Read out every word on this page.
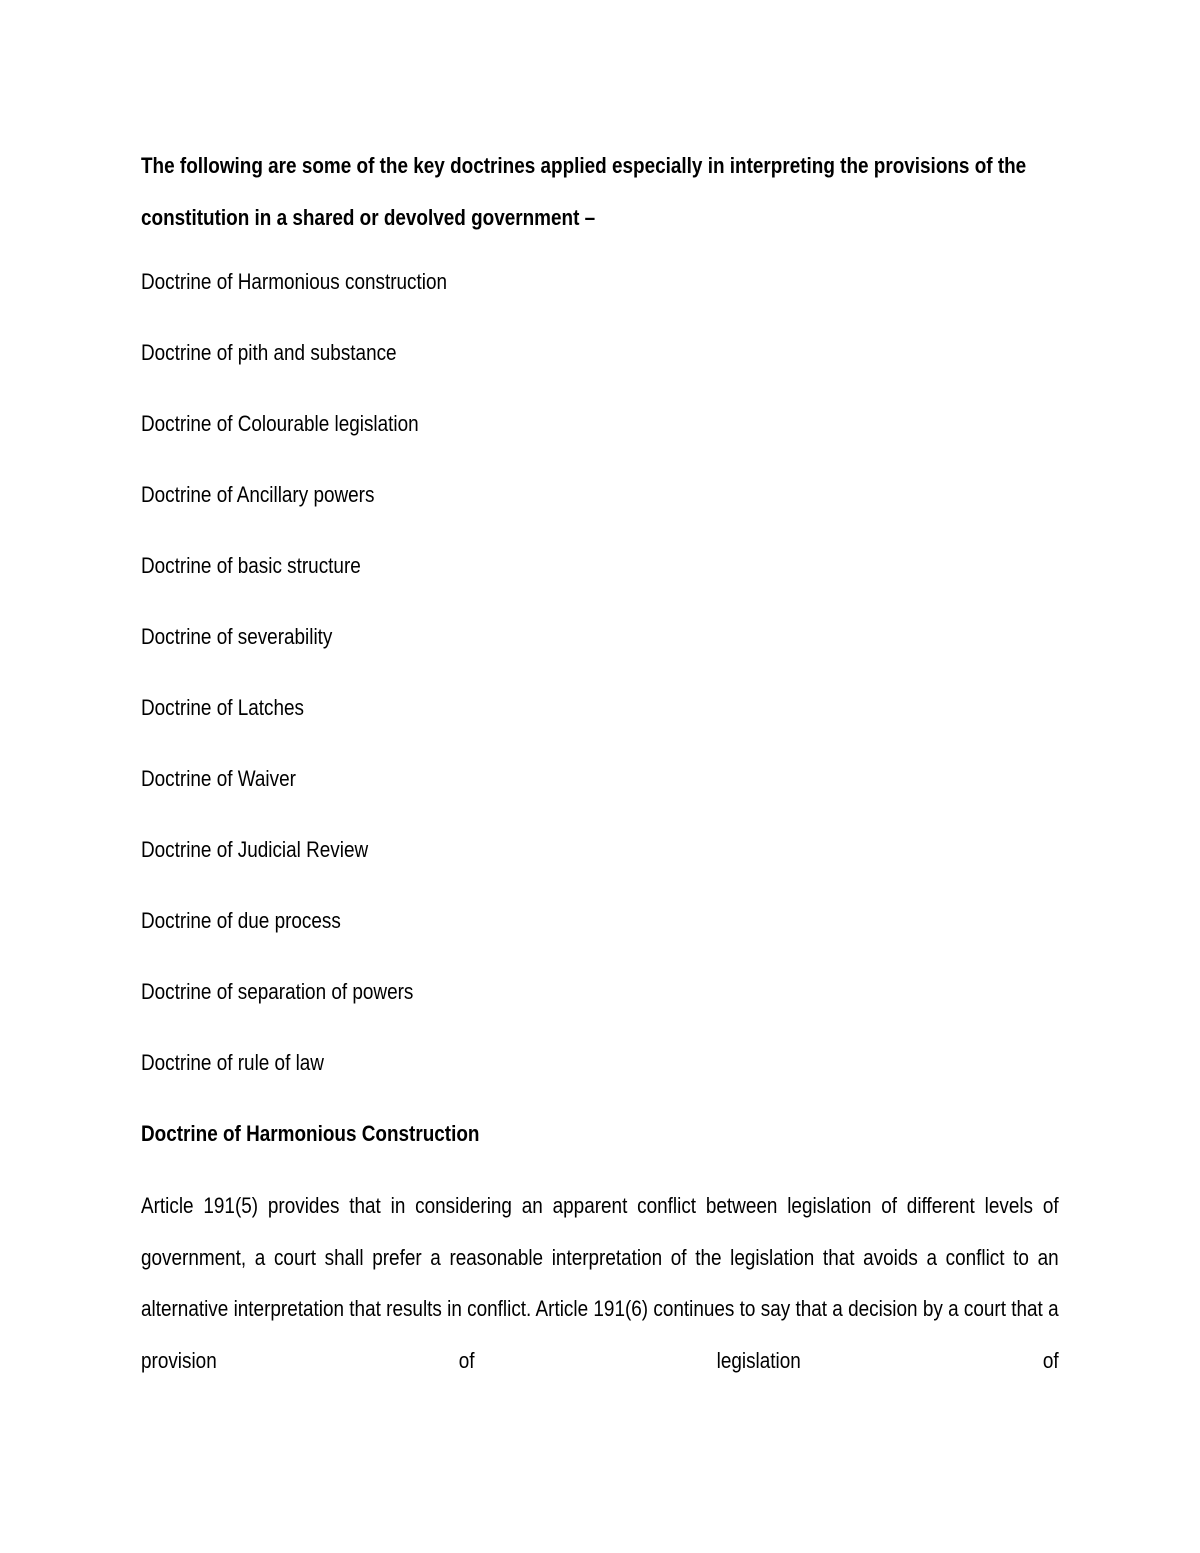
The following are some of the key doctrines applied especially in interpreting the provisions of the constitution in a shared or devolved government –

Doctrine of Harmonious construction
Doctrine of pith and substance
Doctrine of Colourable legislation
Doctrine of Ancillary powers
Doctrine of basic structure
Doctrine of severability
Doctrine of Latches
Doctrine of Waiver
Doctrine of Judicial Review
Doctrine of due process
Doctrine of separation of powers
Doctrine of rule of law
Doctrine of Harmonious Construction

Article 191(5) provides that in considering an apparent conflict between legislation of different levels of government, a court shall prefer a reasonable interpretation of the legislation that avoids a conflict to an alternative interpretation that results in conflict. Article 191(6) continues to say that a decision by a court that a provision of legislation of
